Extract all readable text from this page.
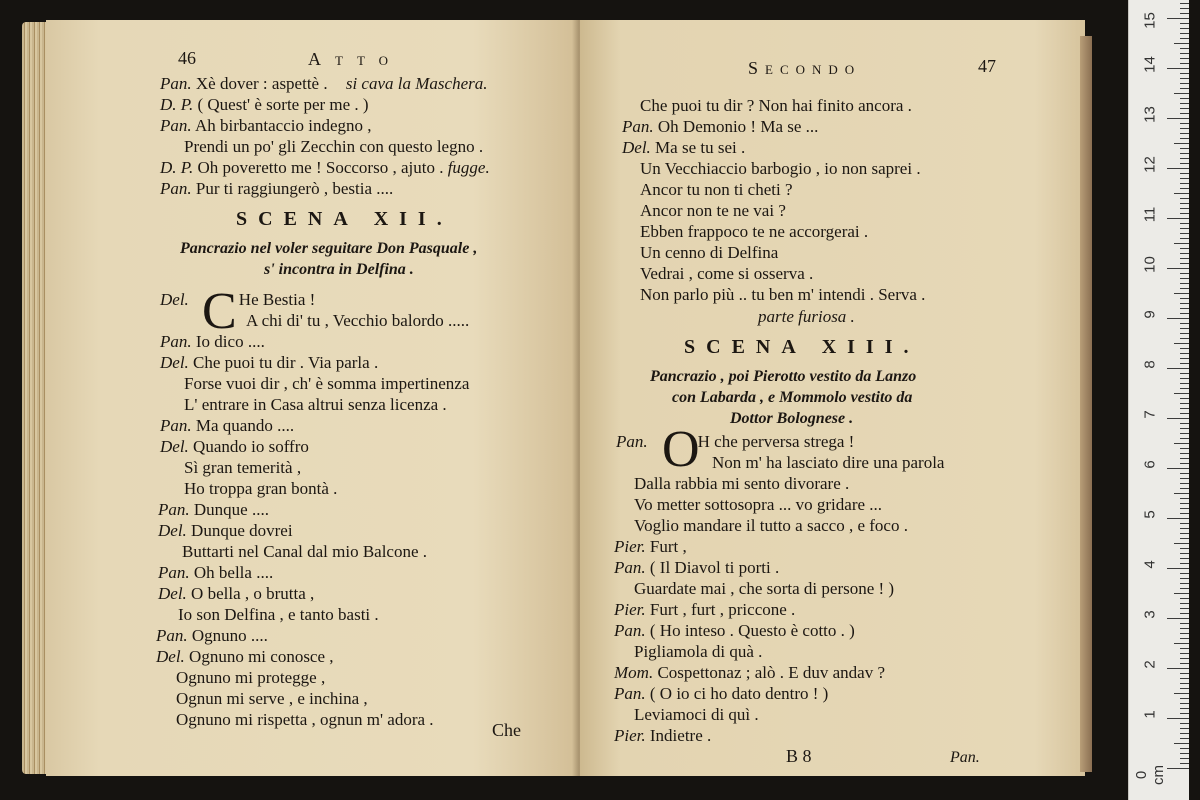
46	Atto
Pan. Xè dover : aspettè . si cava la Maschera.
D. P. ( Quest' è sorte per me . )
Pan. Ah birbantaccio indegno ,
Prendi un po' gli Zecchin con questo legno .
D. P. Oh poveretto me ! Soccorso , ajuto . fugge.
Pan. Pur ti raggiungerò , bestia ....
SCENA XII.
Pancrazio nel voler seguitare Don Pasquale ,
s' incontra in Delfina .
C
Del.	He Bestia !
A chi di' tu , Vecchio balordo .....
Pan. Io dico ....
Del. Che puoi tu dir . Via parla .
Forse vuoi dir , ch' è somma impertinenza
L' entrare in Casa altrui senza licenza .
Pan. Ma quando ....
Del. Quando io soffro
Sì gran temerità ,
Ho troppa gran bontà .
Pan. Dunque ....
Del. Dunque dovrei
Buttarti nel Canal dal mio Balcone .
Pan. Oh bella ....
Del. O bella , o brutta ,
Io son Delfina , e tanto basti .
Pan. Ognuno ....
Del. Ognuno mi conosce ,
Ognuno mi protegge ,
Ognun mi serve , e inchina ,
Ognuno mi rispetta , ognun m' adora .
Che
Secondo	47
Che puoi tu dir ? Non hai finito ancora .
Pan. Oh Demonio ! Ma se ...
Del. Ma se tu sei .
Un Vecchiaccio barbogio , io non saprei .
Ancor tu non ti cheti ?
Ancor non te ne vai ?
Ebben frappoco te ne accorgerai .
Un cenno di Delfina
Vedrai , come si osserva .
Non parlo più .. tu ben m' intendi . Serva .
parte furiosa .
SCENA XIII.
Pancrazio , poi Pierotto vestito da Lanzo
con Labarda , e Mommolo vestito da
Dottor Bolognese .
O
Pan.	H che perversa strega !
Non m' ha lasciato dire una parola
Dalla rabbia mi sento divorare .
Vo metter sottosopra ... vo gridare ...
Voglio mandare il tutto a sacco , e foco .
Pier. Furt ,
Pan. ( Il Diavol ti porti .
Guardate mai , che sorta di persone ! )
Pier. Furt , furt , priccone .
Pan. ( Ho inteso . Questo è cotto . )
Pigliamola di quà .
Mom. Cospettonaz ; alò . E duv andav ?
Pan. ( O io ci ho dato dentro ! )
Leviamoci di quì .
Pier. Indietre .
B 8	Pan.
0 cm
1
2
3
4
5
6
7
8
9
10
11
12
13
14
15
